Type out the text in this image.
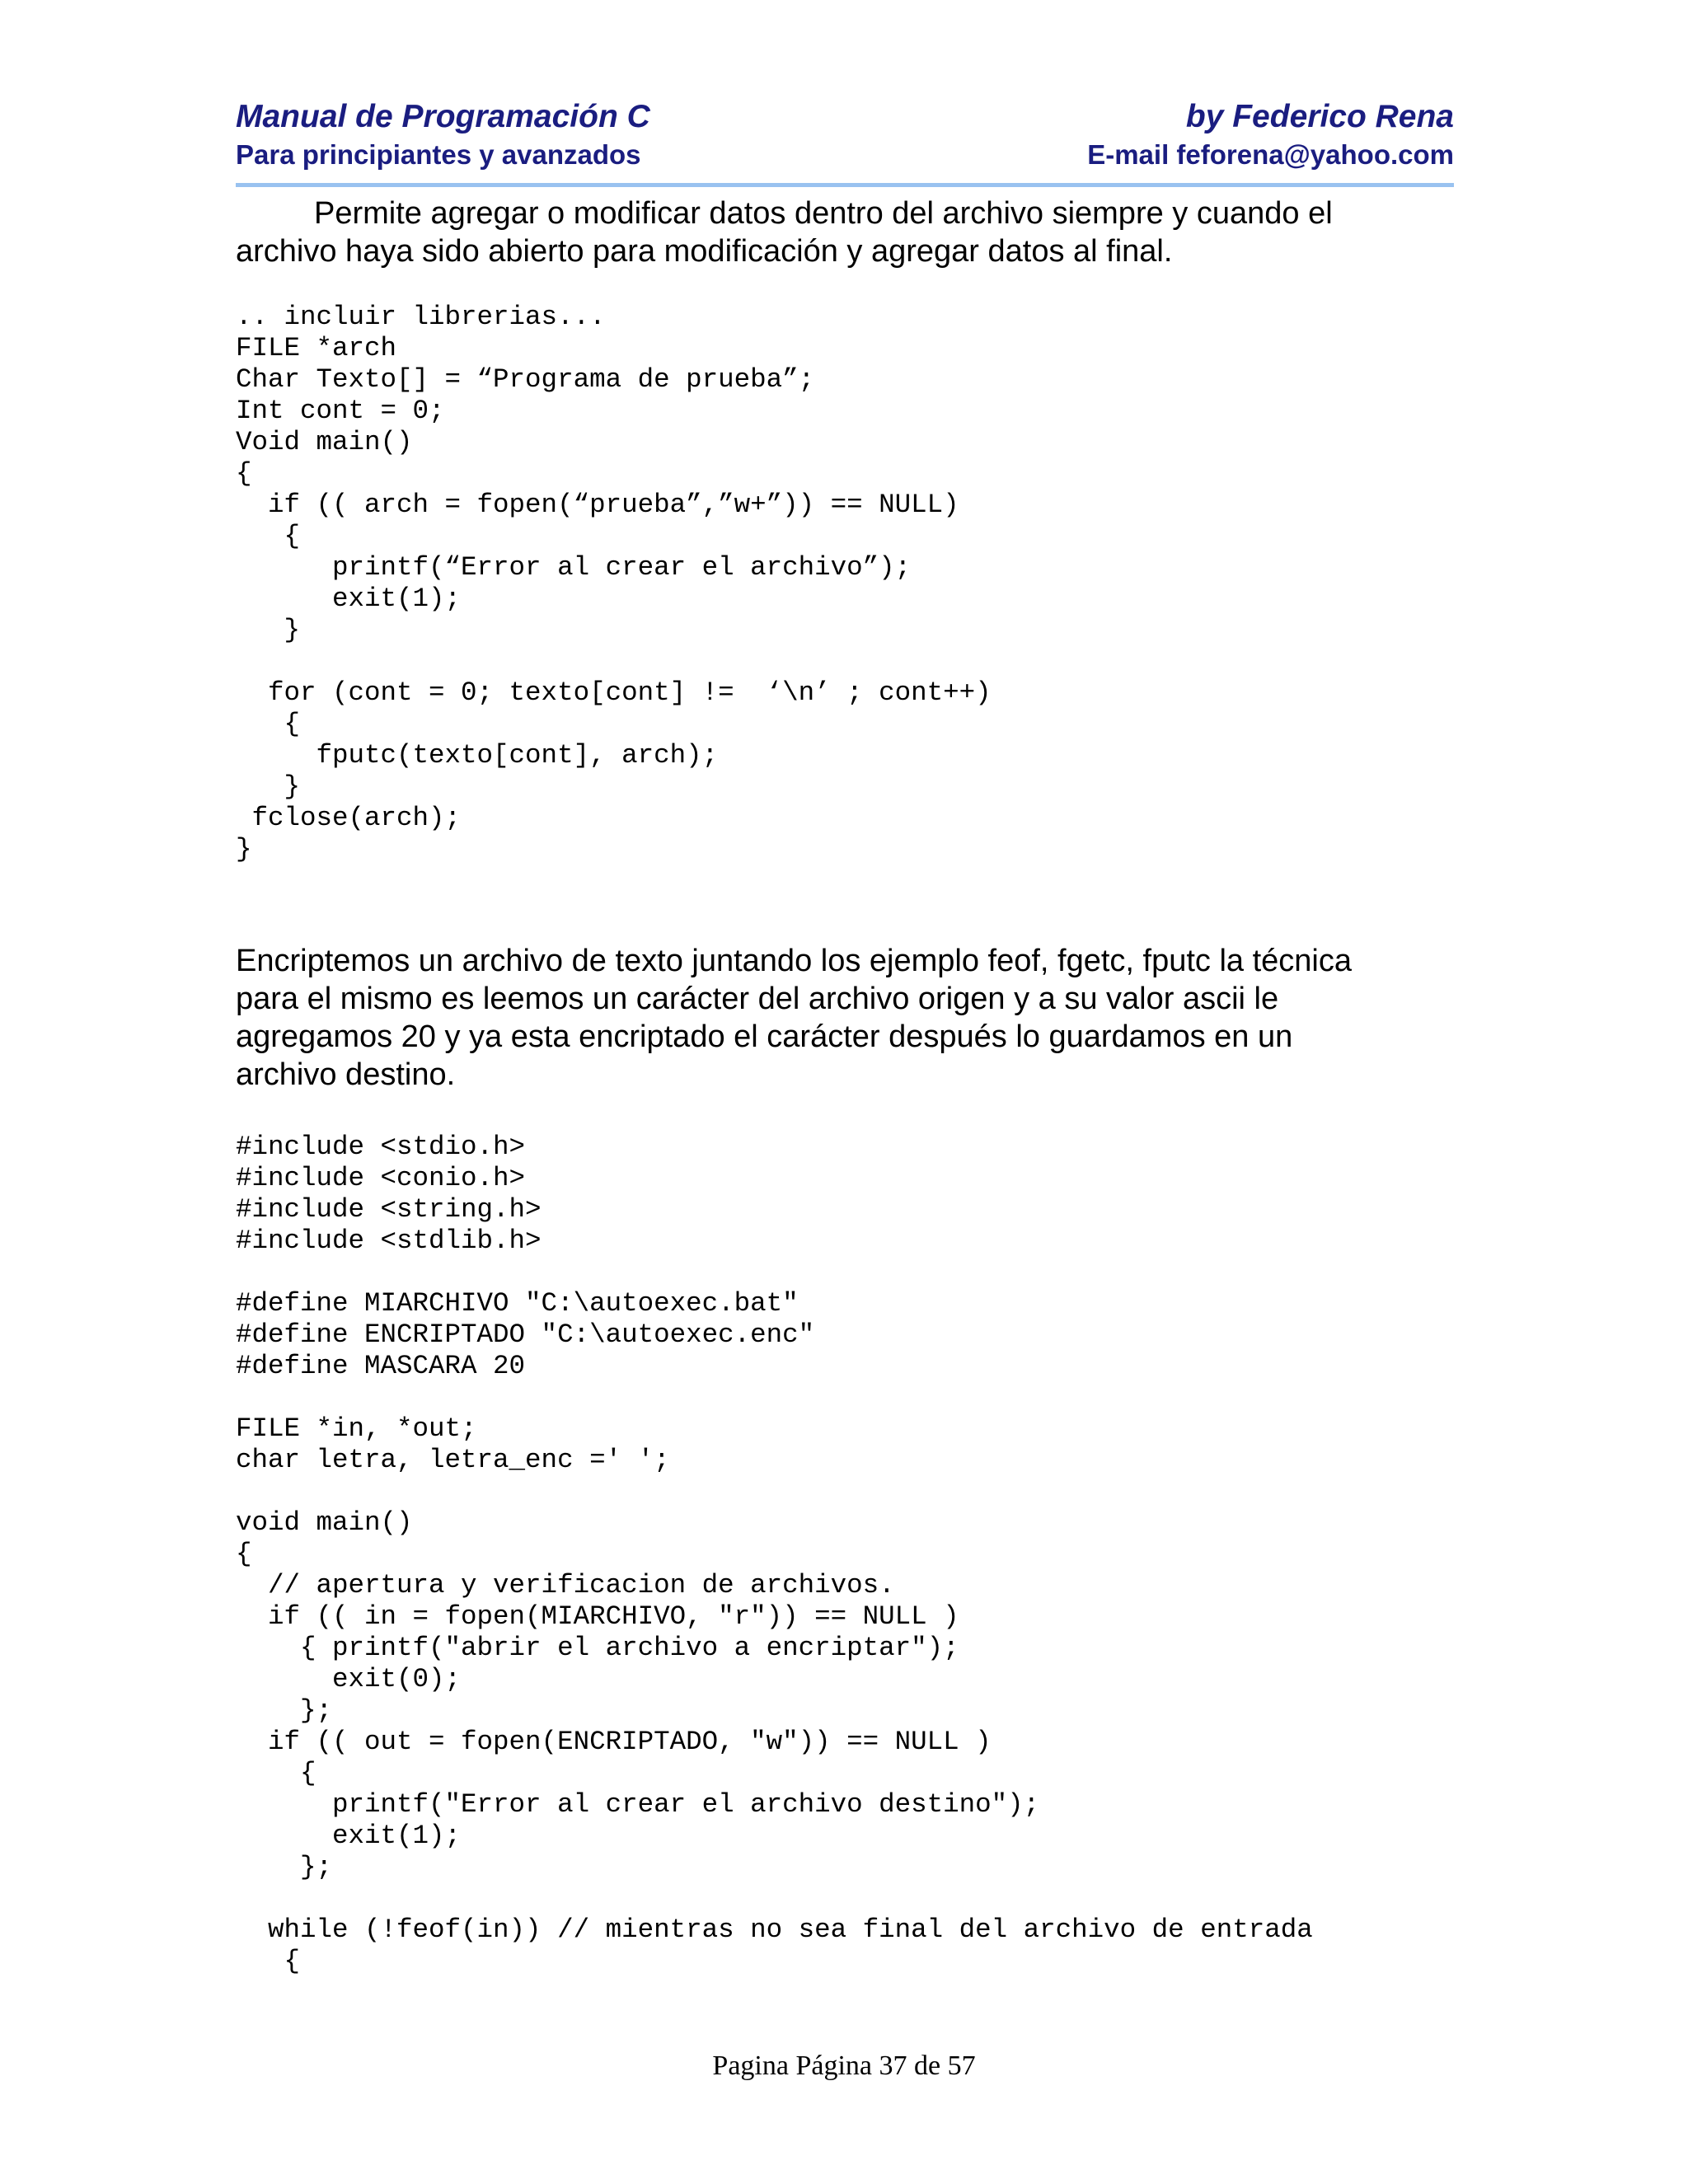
Manual de Programación C	by Federico Rena
Para principiantes y avanzados	E-mail feforena@yahoo.com

Permite agregar o modificar datos dentro del archivo siempre y cuando el
archivo haya sido abierto para modificación y agregar datos al final.

.. incluir librerias...
FILE *arch
Char Texto[] = “Programa de prueba”;
Int cont = 0;
Void main()
{
if (( arch = fopen(“prueba”,”w+”)) == NULL)
{
printf(“Error al crear el archivo”);
exit(1);
}

for (cont = 0; texto[cont] !=  ‘\n’ ; cont++)
{
fputc(texto[cont], arch);
}
fclose(arch);
}

Encriptemos un archivo de texto juntando los ejemplo feof, fgetc, fputc la técnica
para el mismo es leemos un carácter del archivo origen y a su valor ascii le
agregamos 20 y ya esta encriptado el carácter después lo guardamos en un
archivo destino.

#include <stdio.h>
#include <conio.h>
#include <string.h>
#include <stdlib.h>

#define MIARCHIVO "C:\autoexec.bat"
#define ENCRIPTADO "C:\autoexec.enc"
#define MASCARA 20

FILE *in, *out;
char letra, letra_enc =' ';

void main()
{
// apertura y verificacion de archivos.
if (( in = fopen(MIARCHIVO, "r")) == NULL )
{ printf("abrir el archivo a encriptar");
exit(0);
};
if (( out = fopen(ENCRIPTADO, "w")) == NULL )
{
printf("Error al crear el archivo destino");
exit(1);
};

while (!feof(in)) // mientras no sea final del archivo de entrada
{
Pagina Página 37 de 57
